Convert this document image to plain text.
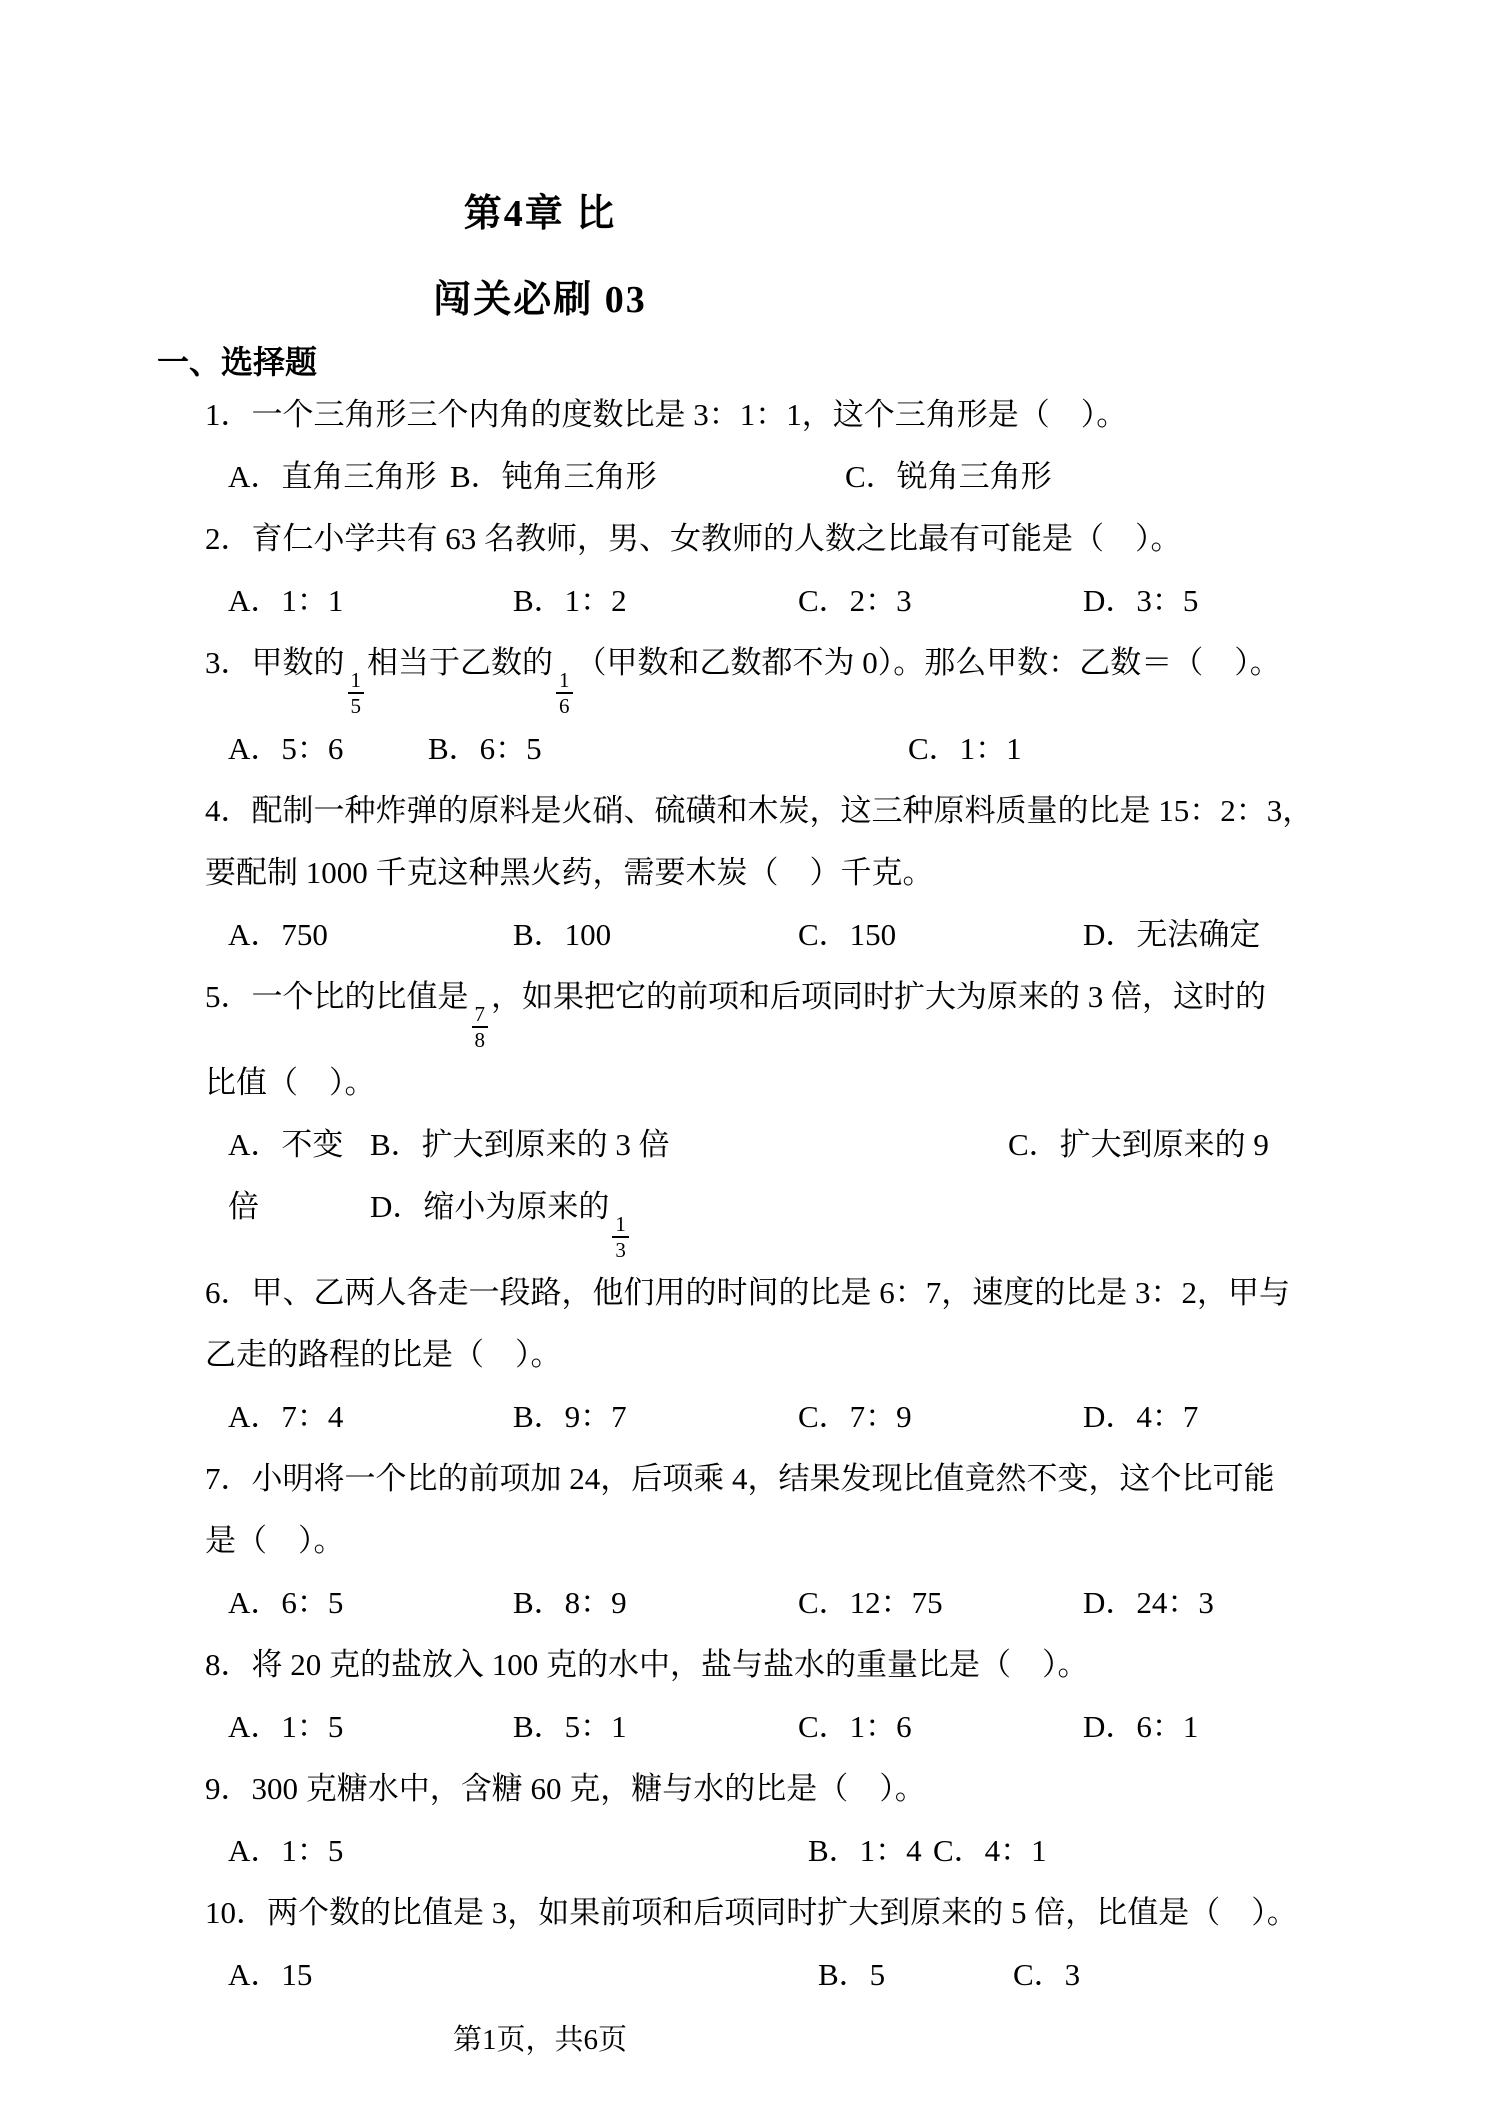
第4章 比
闯关必刷 03
一、选择题
1．一个三角形三个内角的度数比是 3：1：1，这个三角形是（　）。
A．直角三角形 B．钝角三角形	C．锐角三角形
2．育仁小学共有 63 名教师，男、女教师的人数之比最有可能是（　）。
A．1：1	B．1：2	C．2：3	D．3：5
3．甲数的
$\frac{1}{5}$
相当于乙数的
$\frac{1}{6}$
（甲数和乙数都不为 0）。那么甲数：乙数＝（　）。
A．5：6	B．6：5	C．1：1
4．配制一种炸弹的原料是火硝、硫磺和木炭，这三种原料质量的比是 15：2：3，
要配制 1000 千克这种黑火药，需要木炭（　）千克。
A．750	B．100	C．150	D．无法确定
5．一个比的比值是
$\frac{7}{8}$
，如果把它的前项和后项同时扩大为原来的 3 倍，这时的
比值（　）。
A．不变 B．扩大到原来的 3 倍	C．扩大到原来的 9
倍	D．缩小为原来的
$\frac{1}{3}$
6．甲、乙两人各走一段路，他们用的时间的比是 6：7，速度的比是 3：2，甲与
乙走的路程的比是（　）。
A．7：4	B．9：7	C．7：9	D．4：7
7．小明将一个比的前项加 24，后项乘 4，结果发现比值竟然不变，这个比可能
是（　）。
A．6：5	B．8：9	C．12：75	D．24：3
8．将 20 克的盐放入 100 克的水中，盐与盐水的重量比是（　）。
A．1：5	B．5：1	C．1：6	D．6：1
9．300 克糖水中，含糖 60 克，糖与水的比是（　）。
A．1：5	B．1：4 C．4：1
10．两个数的比值是 3，如果前项和后项同时扩大到原来的 5 倍，比值是（　）。
A．15	B．5	C．3
第1页，共6页
